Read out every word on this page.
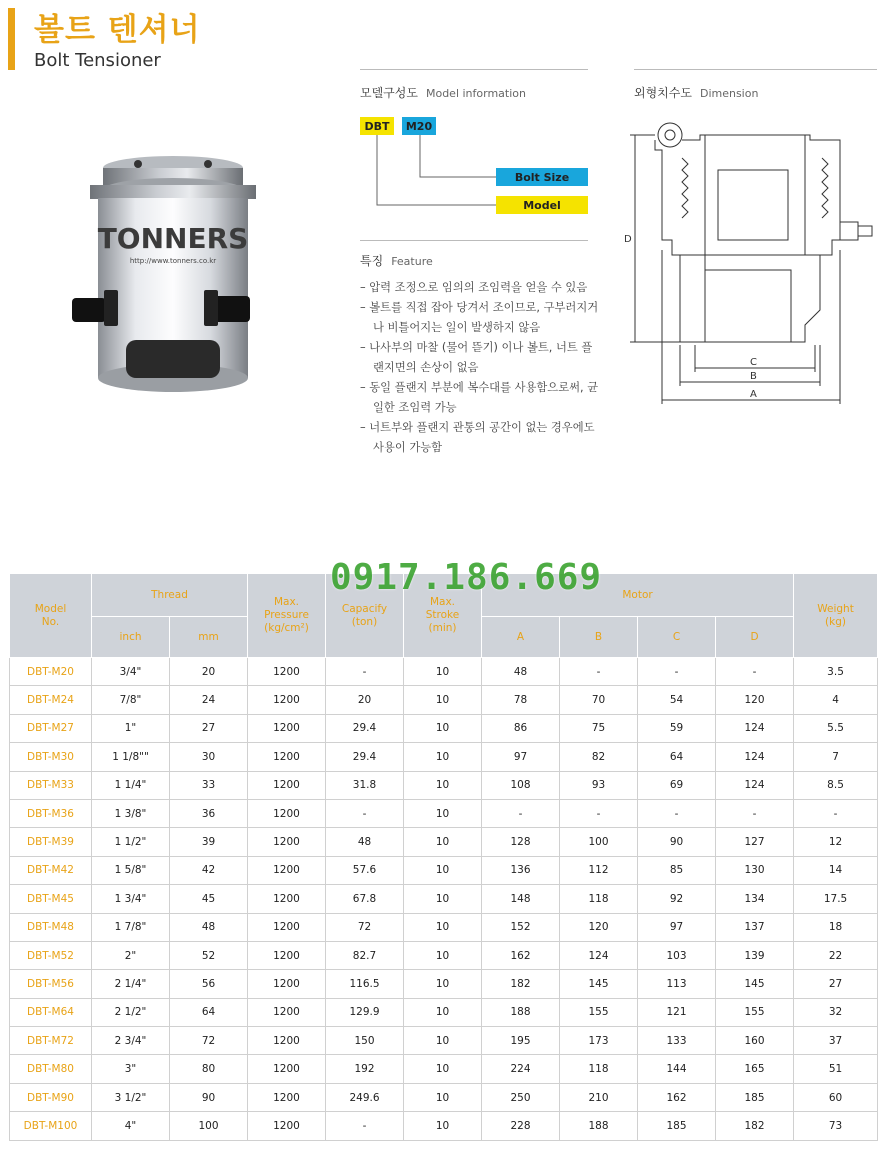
볼트 텐셔너
Bolt Tensioner
TONNERS
http://www.tonners.co.kr
모델구성도 Model information
DBT	M20
Bolt Size
Model
특징 Feature
– 압력 조정으로 임의의 조임력을 얻을 수 있음
– 볼트를 직접 잡아 당겨서 조이므로, 구부러지거나 비틀어지는 일이 발생하지 않음
– 나사부의 마찰 (물어 뜯기) 이나 볼트, 너트 플랜지면의 손상이 없음
– 동일 플랜지 부분에 복수대를 사용함으로써, 균일한 조임력 가능
– 너트부와 플랜지 관통의 공간이 없는 경우에도 사용이 가능함
외형치수도 Dimension
D
C
B
A
Model
No.	Thread		Max.
Pressure
(kg/cm²)	Capacify
(ton)	Max.
Stroke
(min)	Motor				Weight
(kg)
	inch	mm				A	B	C	D	
DBT-M20	3/4"	20	1200	-	10	48	-	-	-	3.5
DBT-M24	7/8"	24	1200	20	10	78	70	54	120	4
DBT-M27	1"	27	1200	29.4	10	86	75	59	124	5.5
DBT-M30	1 1/8""	30	1200	29.4	10	97	82	64	124	7
DBT-M33	1 1/4"	33	1200	31.8	10	108	93	69	124	8.5
DBT-M36	1 3/8"	36	1200	-	10	-	-	-	-	-
DBT-M39	1 1/2"	39	1200	48	10	128	100	90	127	12
DBT-M42	1 5/8"	42	1200	57.6	10	136	112	85	130	14
DBT-M45	1 3/4"	45	1200	67.8	10	148	118	92	134	17.5
DBT-M48	1 7/8"	48	1200	72	10	152	120	97	137	18
DBT-M52	2"	52	1200	82.7	10	162	124	103	139	22
DBT-M56	2 1/4"	56	1200	116.5	10	182	145	113	145	27
DBT-M64	2 1/2"	64	1200	129.9	10	188	155	121	155	32
DBT-M72	2 3/4"	72	1200	150	10	195	173	133	160	37
DBT-M80	3"	80	1200	192	10	224	118	144	165	51
DBT-M90	3 1/2"	90	1200	249.6	10	250	210	162	185	60
DBT-M100	4"	100	1200	-	10	228	188	185	182	73
0917.186.669
